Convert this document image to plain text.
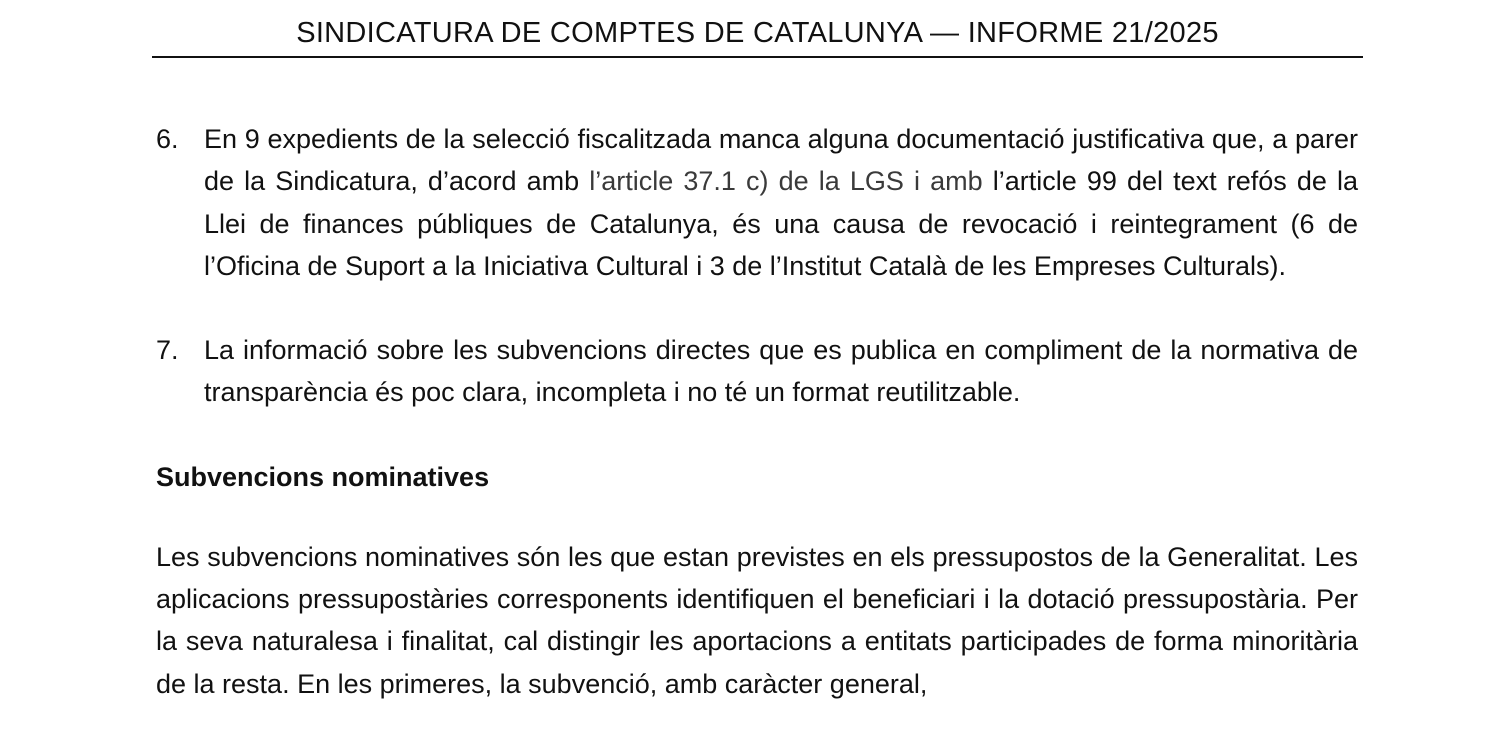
SINDICATURA DE COMPTES DE CATALUNYA — INFORME 21/2025
6. En 9 expedients de la selecció fiscalitzada manca alguna documentació justificativa que, a parer de la Sindicatura, d’acord amb l’article 37.1 c) de la LGS i amb l’article 99 del text refós de la Llei de finances públiques de Catalunya, és una causa de revocació i reintegrament (6 de l’Oficina de Suport a la Iniciativa Cultural i 3 de l’Institut Català de les Empreses Culturals).
7. La informació sobre les subvencions directes que es publica en compliment de la normativa de transparència és poc clara, incompleta i no té un format reutilitzable.
Subvencions nominatives

Les subvencions nominatives són les que estan previstes en els pressupostos de la Generalitat. Les aplicacions pressupostàries corresponents identifiquen el beneficiari i la dotació pressupostària. Per la seva naturalesa i finalitat, cal distingir les aportacions a entitats participades de forma minoritària de la resta. En les primeres, la subvenció, amb caràcter general,
